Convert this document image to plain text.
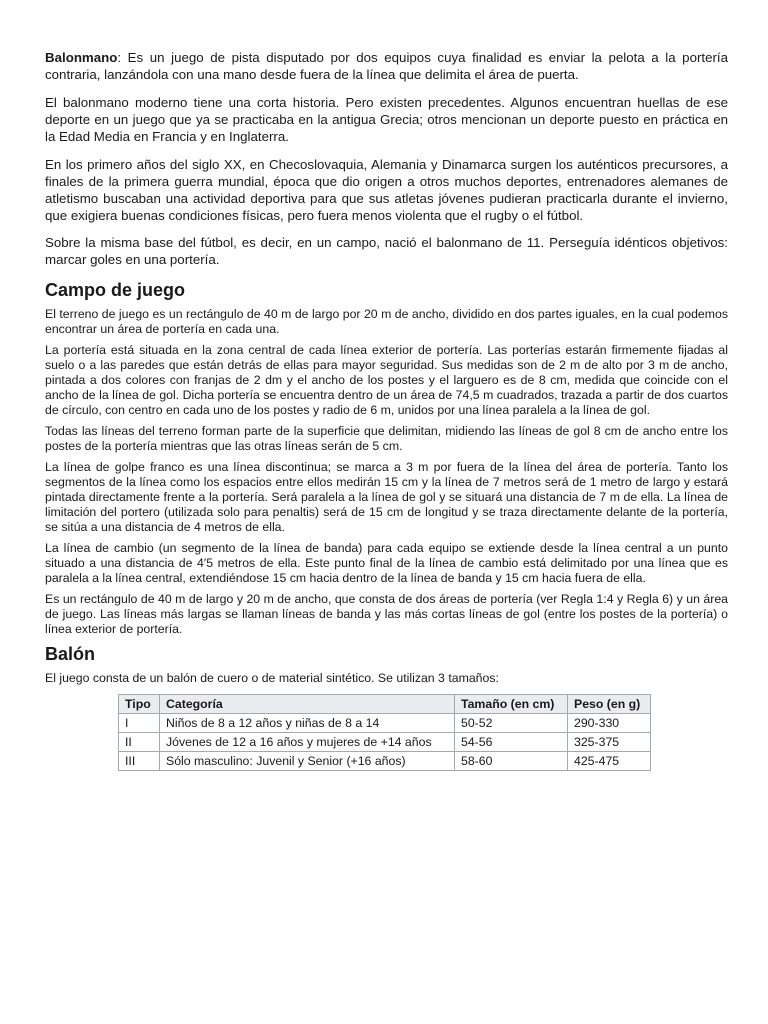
Balonmano: Es un juego de pista disputado por dos equipos cuya finalidad es enviar la pelota a la portería contraria, lanzándola con una mano desde fuera de la línea que delimita el área de puerta.

El balonmano moderno tiene una corta historia. Pero existen precedentes. Algunos encuentran huellas de ese deporte en un juego que ya se practicaba en la antigua Grecia; otros mencionan un deporte puesto en práctica en la Edad Media en Francia y en Inglaterra.

En los primero años del siglo XX, en Checoslovaquia, Alemania y Dinamarca surgen los auténticos precursores, a finales de la primera guerra mundial, época que dio origen a otros muchos deportes, entrenadores alemanes de atletismo buscaban una actividad deportiva para que sus atletas jóvenes pudieran practicarla durante el invierno, que exigiera buenas condiciones físicas, pero fuera menos violenta que el rugby o el fútbol.

Sobre la misma base del fútbol, es decir, en un campo, nació el balonmano de 11. Perseguía idénticos objetivos: marcar goles en una portería.

Campo de juego

El terreno de juego es un rectángulo de 40 m de largo por 20 m de ancho, dividido en dos partes iguales, en la cual podemos encontrar un área de portería en cada una.

La portería está situada en la zona central de cada línea exterior de portería. Las porterías estarán firmemente fijadas al suelo o a las paredes que están detrás de ellas para mayor seguridad. Sus medidas son de 2 m de alto por 3 m de ancho, pintada a dos colores con franjas de 2 dm y el ancho de los postes y el larguero es de 8 cm, medida que coincide con el ancho de la línea de gol. Dicha portería se encuentra dentro de un área de 74,5 m cuadrados, trazada a partir de dos cuartos de círculo, con centro en cada uno de los postes y radio de 6 m, unidos por una línea paralela a la línea de gol.

Todas las líneas del terreno forman parte de la superficie que delimitan, midiendo las líneas de gol 8 cm de ancho entre los postes de la portería mientras que las otras líneas serán de 5 cm.

La línea de golpe franco es una línea discontinua; se marca a 3 m por fuera de la línea del área de portería. Tanto los segmentos de la línea como los espacios entre ellos medirán 15 cm y la línea de 7 metros será de 1 metro de largo y estará pintada directamente frente a la portería. Será paralela a la línea de gol y se situará una distancia de 7 m de ella. La línea de limitación del portero (utilizada solo para penaltis) será de 15 cm de longitud y se traza directamente delante de la portería, se sitúa a una distancia de 4 metros de ella.

La línea de cambio (un segmento de la línea de banda) para cada equipo se extiende desde la línea central a un punto situado a una distancia de 4′5 metros de ella. Este punto final de la línea de cambio está delimitado por una línea que es paralela a la línea central, extendiéndose 15 cm hacia dentro de la línea de banda y 15 cm hacia fuera de ella.

Es un rectángulo de 40 m de largo y 20 m de ancho, que consta de dos áreas de portería (ver Regla 1:4 y Regla 6) y un área de juego. Las líneas más largas se llaman líneas de banda y las más cortas líneas de gol (entre los postes de la portería) o línea exterior de portería.

Balón

El juego consta de un balón de cuero o de material sintético. Se utilizan 3 tamaños:

Tipo	Categoría	Tamaño (en cm)	Peso (en g)
I	Niños de 8 a 12 años y niñas de 8 a 14	50-52	290-330
II	Jóvenes de 12 a 16 años y mujeres de +14 años	54-56	325-375
III	Sólo masculino: Juvenil y Senior (+16 años)	58-60	425-475
